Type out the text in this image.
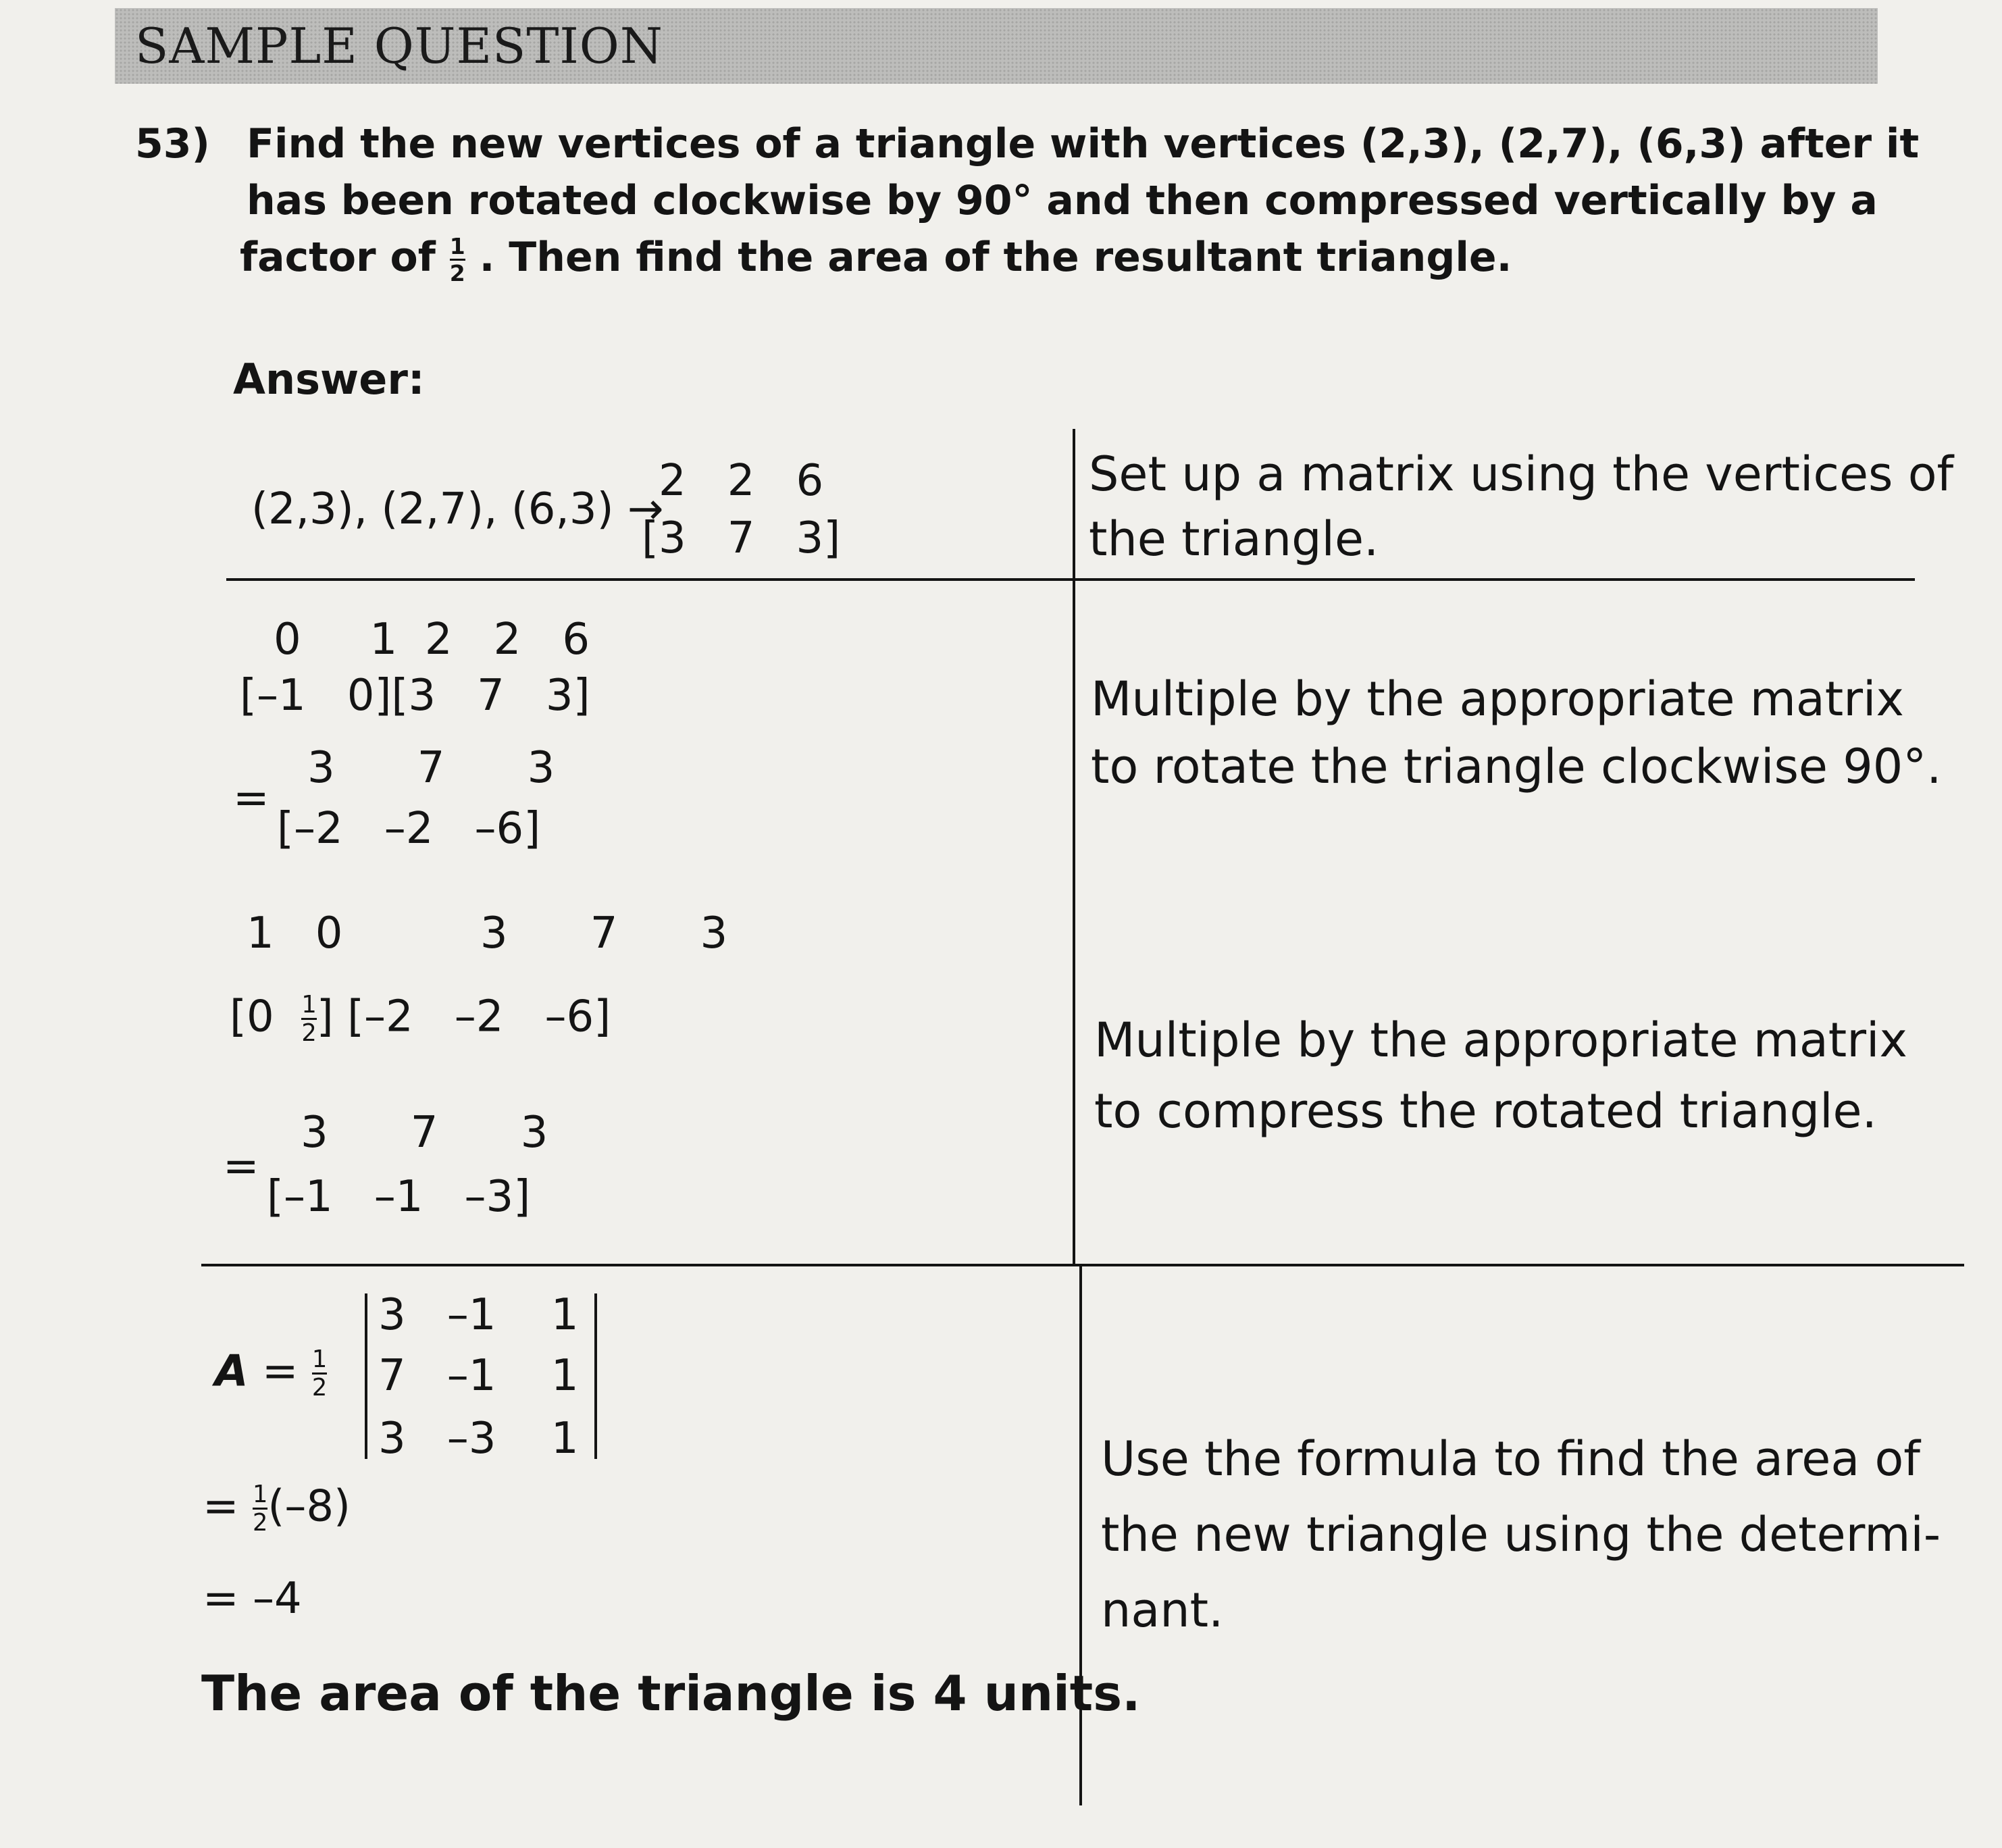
SAMPLE QUESTION
53) Find the new vertices of a triangle with vertices (2,3), (2,7), (6,3) after it
has been rotated clockwise by 90° and then compressed vertically by a
factor of $\frac{1}{2}$ . Then find the area of the resultant triangle.
Answer:
(2,3), (2,7), (6,3) →
2   2   6
[3   7   3]
Set up a matrix using the vertices of
the triangle.
0     1  2   2   6
[–1   0][3   7   3]
=
3      7      3
[–2   –2   –6]
Multiple by the appropriate matrix
to rotate the triangle clockwise 90°.
1   0          3      7      3
[$0 \frac{1}{2}$ ] [–2   –2   –6]
=
3      7      3
[–1   –1   –3]
Multiple by the appropriate matrix
to compress the rotated triangle.
$A = \frac{1}{2}$
3   –1    1
7   –1    1
3   –3    1
= $\frac{1}{2} (-8)$
= –4
Use the formula to find the area of
the new triangle using the determi-
nant.
The area of the triangle is 4 units.
